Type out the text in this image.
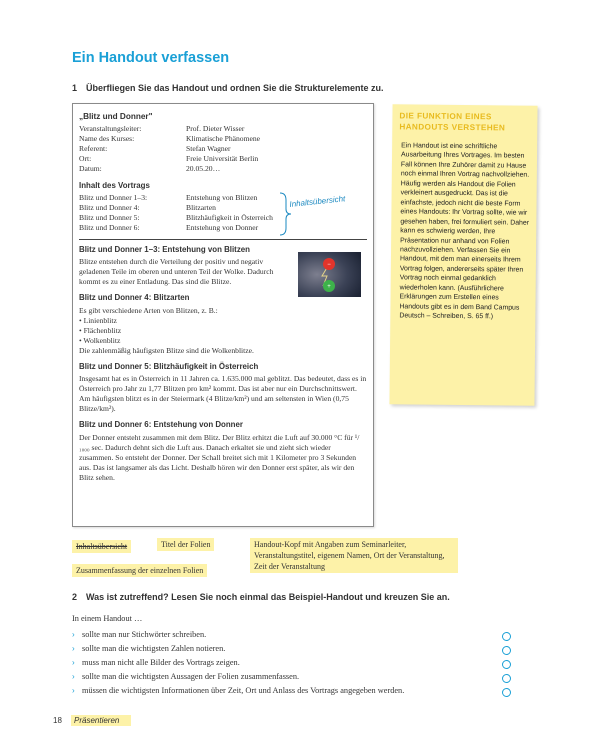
Ein Handout verfassen
1 Überfliegen Sie das Handout und ordnen Sie die Strukturelemente zu.
„Blitz und Donner"
Veranstaltungsleiter:	Prof. Dieter Wisser
Name des Kurses:	Klimatische Phänomene
Referent:	Stefan Wagner
Ort:	Freie Universität Berlin
Datum:	20.05.20…
Inhalt des Vortrags
Blitz und Donner 1–3:	Entstehung von Blitzen
Blitz und Donner 4:	Blitzarten
Blitz und Donner 5:	Blitzhäufigkeit in Österreich
Blitz und Donner 6:	Entstehung von Donner
Blitz und Donner 1–3: Entstehung von Blitzen

Blitze entstehen durch die Verteilung der positiv und negativ geladenen Teile im oberen und unteren Teil der Wolke. Dadurch kommt es zu einer Entladung. Das sind die Blitze.

Blitz und Donner 4: Blitzarten

Es gibt verschiedene Arten von Blitzen, z. B.:

• Linienblitz
• Flächenblitz
• Wolkenblitz

Die zahlenmäßig häufigsten Blitze sind die Wolkenblitze.

Blitz und Donner 5: Blitzhäufigkeit in Österreich

Insgesamt hat es in Österreich in 11 Jahren ca. 1.635.000 mal geblitzt. Das bedeutet, dass es in Österreich pro Jahr zu 1,77 Blitzen pro km² kommt. Das ist aber nur ein Durchschnittswert. Am häufigsten blitzt es in der Steiermark (4 Blitze/km²) und am seltensten in Wien (0,75 Blitze/km²).

Blitz und Donner 6: Entstehung von Donner

Der Donner entsteht zusammen mit dem Blitz. Der Blitz erhitzt die Luft auf 30.000 °C für ¹/₁₀₀₀ sec. Dadurch dehnt sich die Luft aus. Danach erkaltet sie und zieht sich wieder zusammen. So entsteht der Donner. Der Schall breitet sich mit 1 Kilometer pro 3 Sekunden aus. Das ist langsamer als das Licht. Deshalb hören wir den Donner erst später, als wir den Blitz sehen.

Inhaltsübersicht
−
+
DIE FUNKTION EINES HANDOUTS VERSTEHEN

Ein Handout ist eine schriftliche Ausarbeitung Ihres Vortrages. Im besten Fall können Ihre Zuhörer damit zu Hause noch einmal Ihren Vortrag nachvollziehen. Häufig werden als Handout die Folien verkleinert ausgedruckt. Das ist die einfachste, jedoch nicht die beste Form eines Handouts: Ihr Vortrag sollte, wie wir gesehen haben, frei formuliert sein. Daher kann es schwierig werden, Ihre Präsentation nur anhand von Folien nachzuvollziehen. Verfassen Sie ein Handout, mit dem man einerseits Ihrem Vortrag folgen, andererseits später Ihren Vortrag noch einmal gedanklich wiederholen kann. (Ausführlichere Erklärungen zum Erstellen eines Handouts gibt es in dem Band Campus Deutsch – Schreiben, S. 65 ff.)

Inhaltsübersicht	Titel der Folien
Zusammenfassung der einzelnen Folien
Handout-Kopf mit Angaben zum Seminarleiter, Veranstaltungstitel, eigenem Namen, Ort der Veranstaltung, Zeit der Veranstaltung
2 Was ist zutreffend? Lesen Sie noch einmal das Beispiel-Handout und kreuzen Sie an.
In einem Handout …
› sollte man nur Stichwörter schreiben.
› sollte man die wichtigsten Zahlen notieren.
› muss man nicht alle Bilder des Vortrags zeigen.
› sollte man die wichtigsten Aussagen der Folien zusammenfassen.
› müssen die wichtigsten Informationen über Zeit, Ort und Anlass des Vortrags angegeben werden.
18 Präsentieren
